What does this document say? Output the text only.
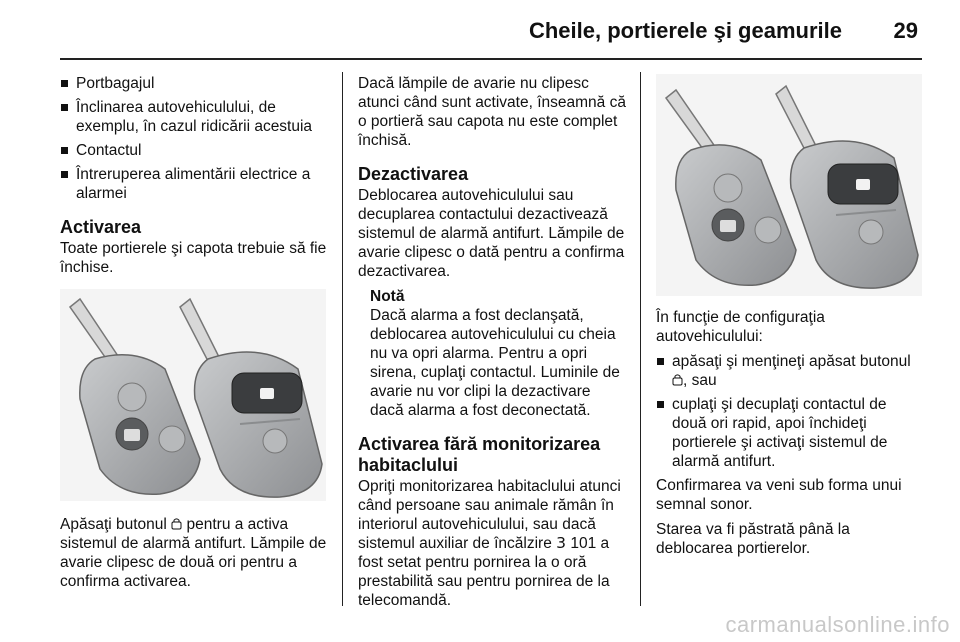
Cheile, portierele şi geamurile 29
Portbagajul
Înclinarea autovehiculului, de exemplu, în cazul ridicării acestuia
Contactul
Întreruperea alimentării electrice a alarmei
Activarea

Toate portierele şi capota trebuie să fie închise.

Apăsaţi butonul pentru a activa sistemul de alarmă antifurt. Lămpile de avarie clipesc de două ori pentru a confirma activarea.

Dacă lămpile de avarie nu clipesc atunci când sunt activate, înseamnă că o portieră sau capota nu este complet închisă.

Dezactivarea

Deblocarea autovehiculului sau decuplarea contactului dezactivează sistemul de alarmă antifurt. Lămpile de avarie clipesc o dată pentru a confirma dezactivarea.

Notă
Dacă alarma a fost declanşată, deblocarea autovehiculului cu cheia nu va opri alarma. Pentru a opri sirena, cuplaţi contactul. Luminile de avarie nu vor clipi la dezactivare dacă alarma a fost deconectată.
Activarea fără monitorizarea habitaclului

Opriţi monitorizarea habitaclului atunci când persoane sau animale rămân în interiorul autovehiculului, sau dacă sistemul auxiliar de încălzire 3 101 a fost setat pentru pornirea la o oră prestabilită sau pentru pornirea de la telecomandă.

În funcţie de configuraţia autovehiculului:

apăsaţi şi menţineţi apăsat butonul , sau
cuplaţi şi decuplaţi contactul de două ori rapid, apoi închideţi portierele şi activaţi sistemul de alarmă antifurt.

Confirmarea va veni sub forma unui semnal sonor.

Starea va fi păstrată până la deblocarea portierelor.

carmanualsonline.info
